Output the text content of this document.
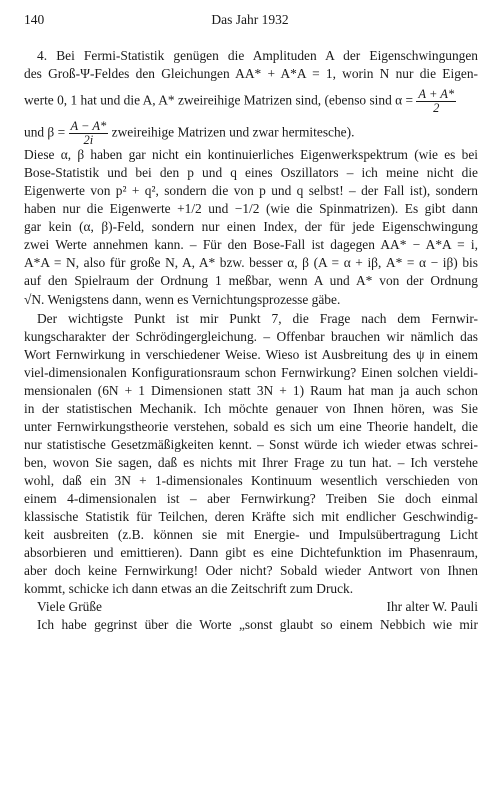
140	Das Jahr 1932
4. Bei Fermi-Statistik genügen die Amplituden A der Eigenschwingungen
des Groß-Ψ-Feldes den Gleichungen AA* + A*A = 1, worin N nur die Eigen-
werte 0, 1 hat und die A, A* zweireihige Matrizen sind, (ebenso sind $\alpha = \frac{A + A*}{2}$
und $\beta = \frac{A - A*}{2i}$ zweireihige Matrizen und zwar hermitesche).
Diese α, β haben gar nicht ein kontinuierliches Eigenwerkspektrum (wie es bei
Bose-Statistik und bei den p und q eines Oszillators – ich meine nicht die
Eigenwerte von p² + q², sondern die von p und q selbst! – der Fall ist), sondern
haben nur die Eigenwerte +1/2 und −1/2 (wie die Spinmatrizen). Es gibt dann
gar kein (α, β)-Feld, sondern nur einen Index, der für jede Eigenschwingung
zwei Werte annehmen kann. – Für den Bose-Fall ist dagegen AA* − A*A = i,
A*A = N, also für große N, A, A* bzw. besser α, β (A = α + iβ, A* = α − iβ) bis
auf den Spielraum der Ordnung 1 meßbar, wenn A und A* von der Ordnung
√N. Wenigstens dann, wenn es Vernichtungsprozesse gäbe.
Der wichtigste Punkt ist mir Punkt 7, die Frage nach dem Fernwir-
kungscharakter der Schrödingergleichung. – Offenbar brauchen wir nämlich das
Wort Fernwirkung in verschiedener Weise. Wieso ist Ausbreitung des ψ in einem
viel-dimensionalen Konfigurationsraum schon Fernwirkung? Einen solchen vieldi-
mensionalen (6N + 1 Dimensionen statt 3N + 1) Raum hat man ja auch schon
in der statistischen Mechanik. Ich möchte genauer von Ihnen hören, was Sie
unter Fernwirkungstheorie verstehen, sobald es sich um eine Theorie handelt, die
nur statistische Gesetzmäßigkeiten kennt. – Sonst würde ich wieder etwas schrei-
ben, wovon Sie sagen, daß es nichts mit Ihrer Frage zu tun hat. – Ich verstehe
wohl, daß ein 3N + 1-dimensionales Kontinuum wesentlich verschieden von
einem 4-dimensionalen ist – aber Fernwirkung? Treiben Sie doch einmal
klassische Statistik für Teilchen, deren Kräfte sich mit endlicher Geschwindig-
keit ausbreiten (z.B. können sie mit Energie- und Impulsübertragung Licht
absorbieren und emittieren). Dann gibt es eine Dichtefunktion im Phasenraum,
aber doch keine Fernwirkung! Oder nicht? Sobald wieder Antwort von Ihnen
kommt, schicke ich dann etwas an die Zeitschrift zum Druck.
Viele Grüße	Ihr alter W. Pauli
Ich habe gegrinst über die Worte „sonst glaubt so einem Nebbich wie mir
